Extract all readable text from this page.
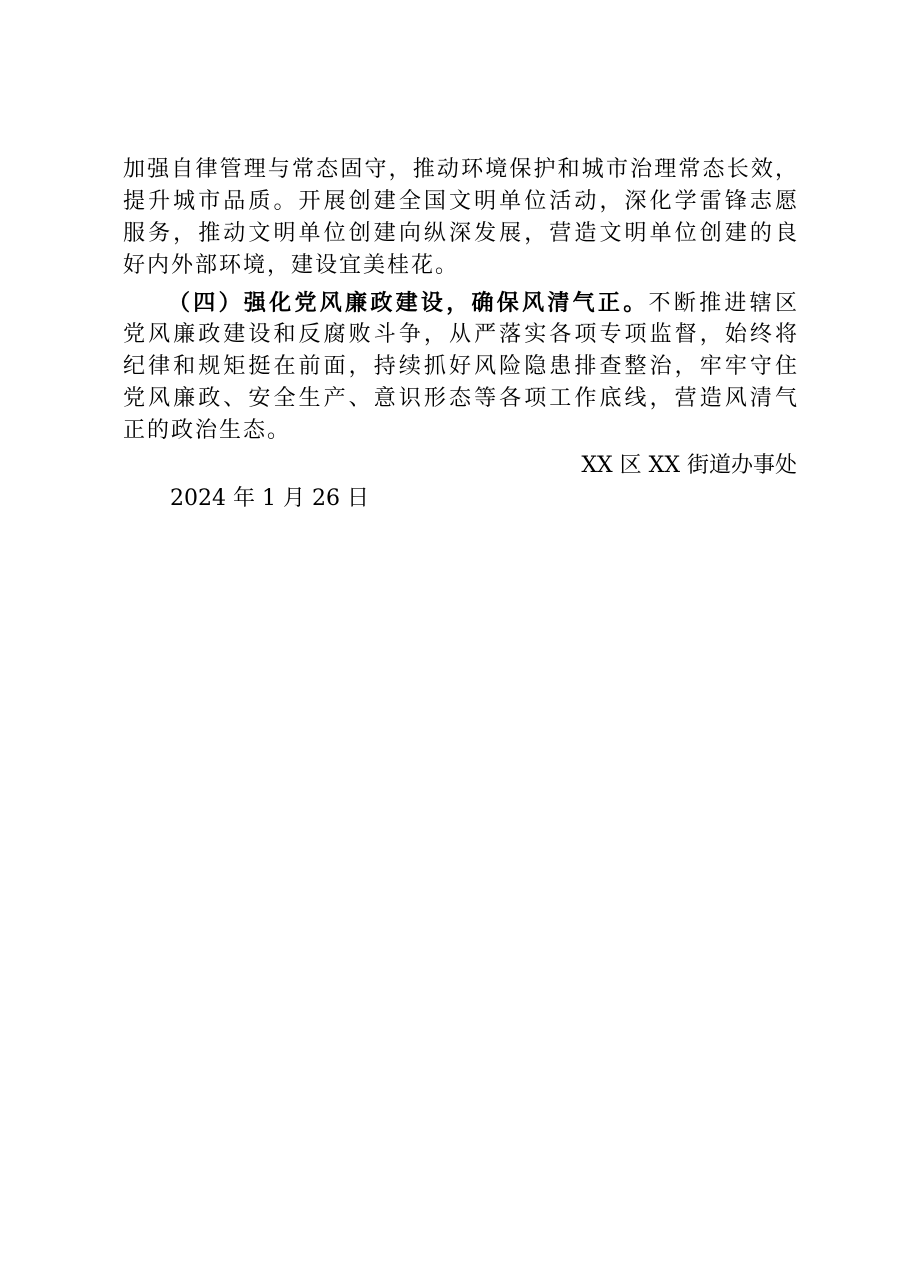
加强自律管理与常态固守，推动环境保护和城市治理常态长效，
提升城市品质。开展创建全国文明单位活动，深化学雷锋志愿
服务，推动文明单位创建向纵深发展，营造文明单位创建的良
好内外部环境，建设宜美桂花。
（四）强化党风廉政建设，确保风清气正。不断推进辖区
党风廉政建设和反腐败斗争，从严落实各项专项监督，始终将
纪律和规矩挺在前面，持续抓好风险隐患排查整治，牢牢守住
党风廉政、安全生产、意识形态等各项工作底线，营造风清气
正的政治生态。
XX 区 XX 街道办事处
2024 年 1 月 26 日
